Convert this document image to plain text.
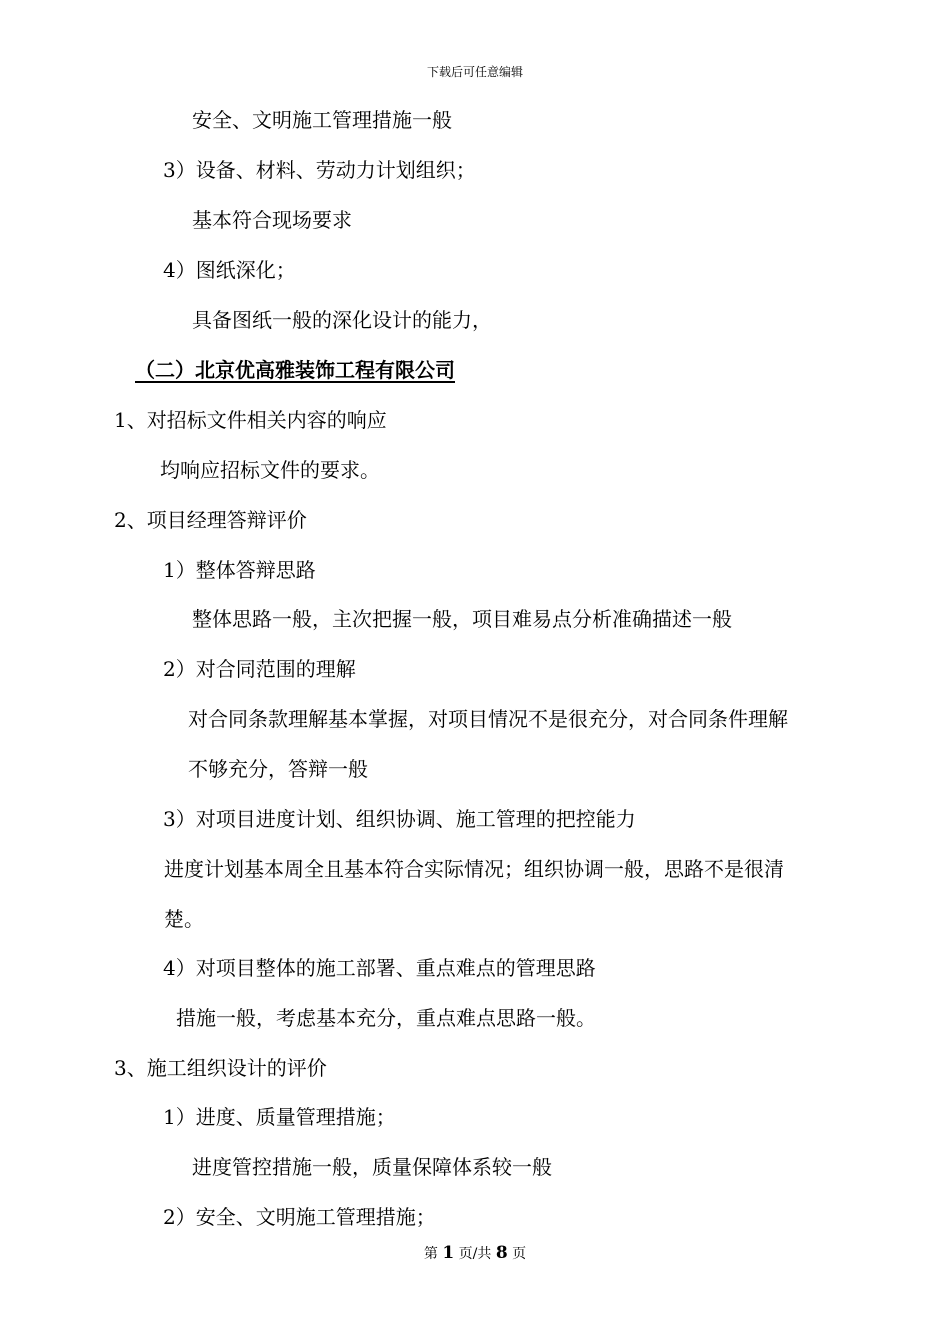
下载后可任意编辑
安全、文明施工管理措施一般
3）设备、材料、劳动力计划组织；
基本符合现场要求
4）图纸深化；
具备图纸一般的深化设计的能力，
（二）北京优高雅装饰工程有限公司
1、对招标文件相关内容的响应
均响应招标文件的要求。
2、项目经理答辩评价
1）整体答辩思路
整体思路一般，主次把握一般，项目难易点分析准确描述一般
2）对合同范围的理解
对合同条款理解基本掌握，对项目情况不是很充分，对合同条件理解
不够充分，答辩一般
3）对项目进度计划、组织协调、施工管理的把控能力
进度计划基本周全且基本符合实际情况；组织协调一般，思路不是很清
楚。
4）对项目整体的施工部署、重点难点的管理思路
措施一般，考虑基本充分，重点难点思路一般。
3、施工组织设计的评价
1）进度、质量管理措施；
进度管控措施一般，质量保障体系较一般
2）安全、文明施工管理措施；
第 1 页/共 8 页
